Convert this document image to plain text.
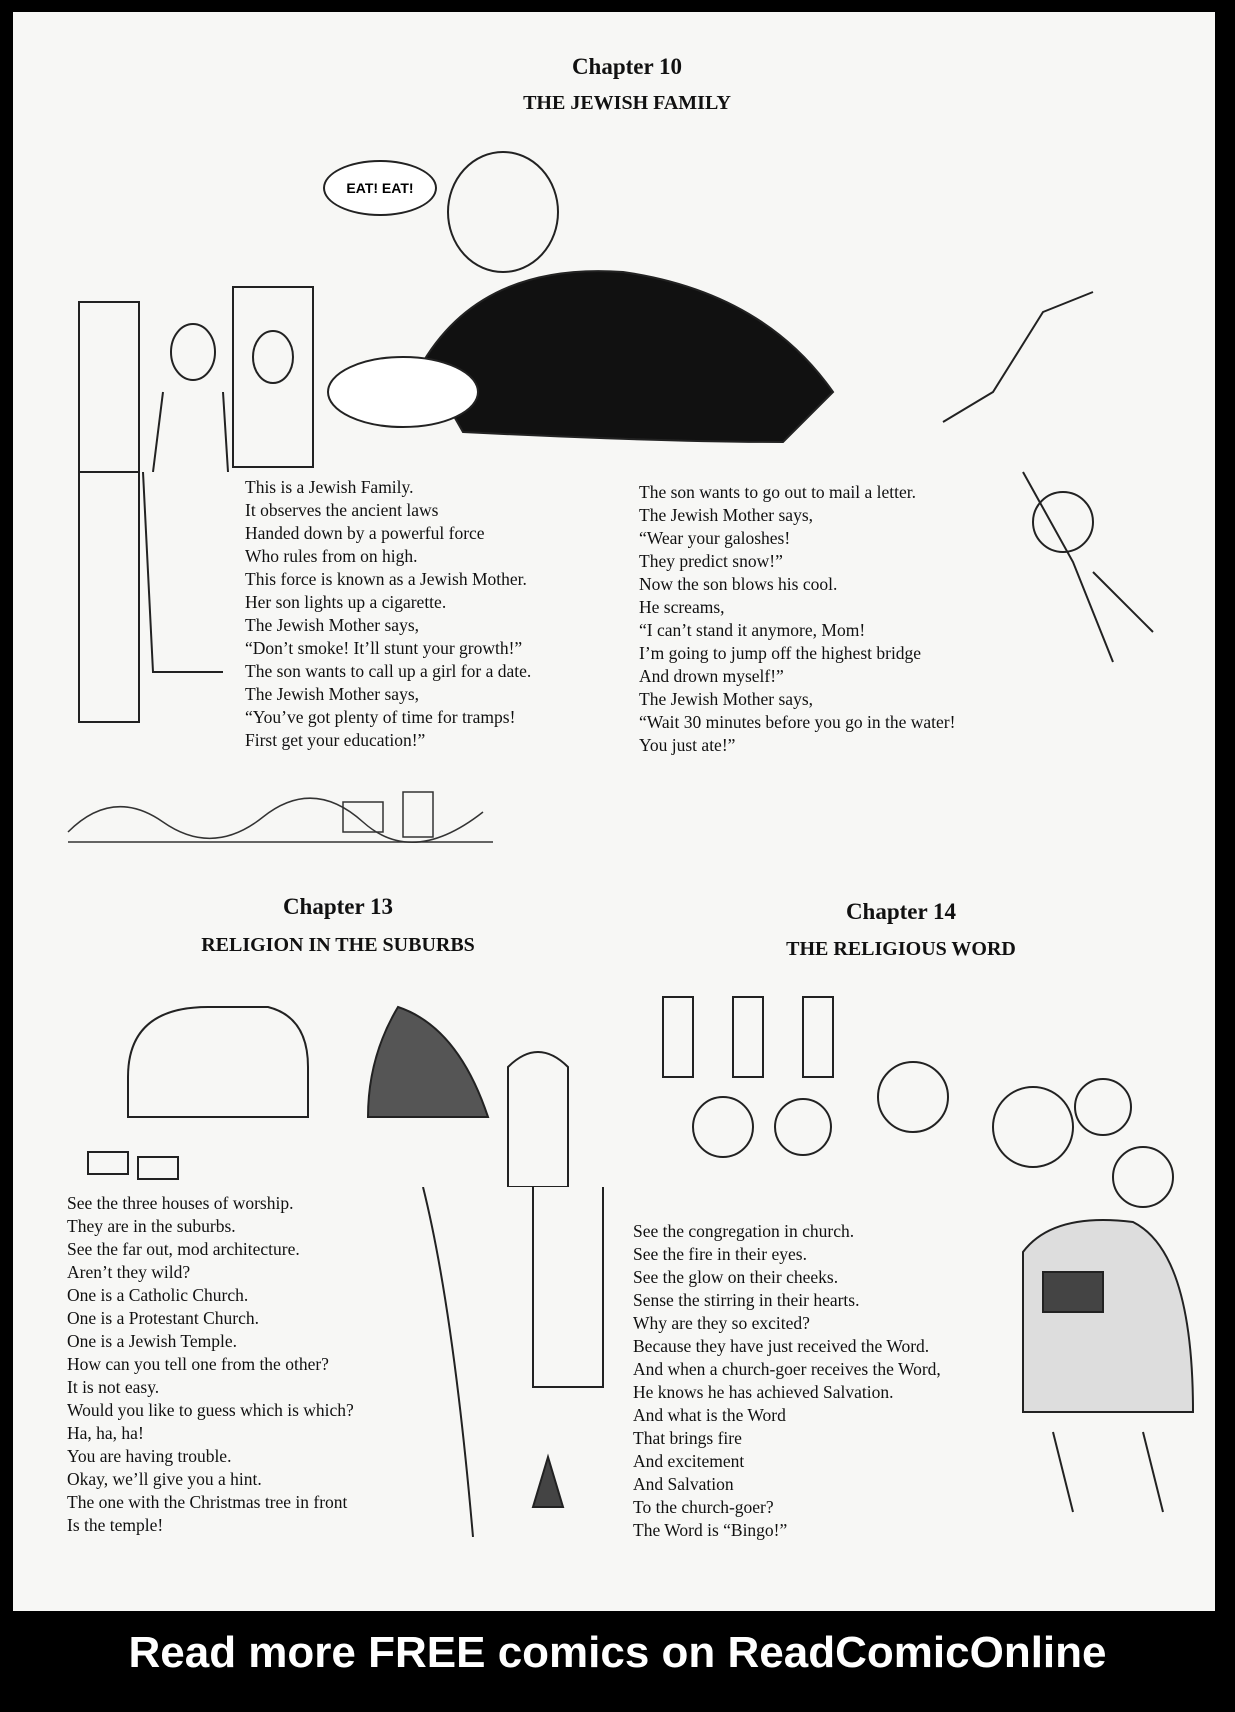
Chapter 10
THE JEWISH FAMILY
EAT! EAT!
This is a Jewish Family.
It observes the ancient laws
Handed down by a powerful force
Who rules from on high.
This force is known as a Jewish Mother.
Her son lights up a cigarette.
The Jewish Mother says,
“Don’t smoke! It’ll stunt your growth!”
The son wants to call up a girl for a date.
The Jewish Mother says,
“You’ve got plenty of time for tramps!
First get your education!”
The son wants to go out to mail a letter.
The Jewish Mother says,
“Wear your galoshes!
They predict snow!”
Now the son blows his cool.
He screams,
“I can’t stand it anymore, Mom!
I’m going to jump off the highest bridge
And drown myself!”
The Jewish Mother says,
“Wait 30 minutes before you go in the water!
You just ate!”
Chapter 13
RELIGION IN THE SUBURBS
Chapter 14
THE RELIGIOUS WORD
See the three houses of worship.
They are in the suburbs.
See the far out, mod architecture.
Aren’t they wild?
One is a Catholic Church.
One is a Protestant Church.
One is a Jewish Temple.
How can you tell one from the other?
It is not easy.
Would you like to guess which is which?
Ha, ha, ha!
You are having trouble.
Okay, we’ll give you a hint.
The one with the Christmas tree in front
Is the temple!
See the congregation in church.
See the fire in their eyes.
See the glow on their cheeks.
Sense the stirring in their hearts.
Why are they so excited?
Because they have just received the Word.
And when a church-goer receives the Word,
He knows he has achieved Salvation.
And what is the Word
That brings fire
And excitement
And Salvation
To the church-goer?
The Word is “Bingo!”
Read more FREE comics on ReadComicOnline
